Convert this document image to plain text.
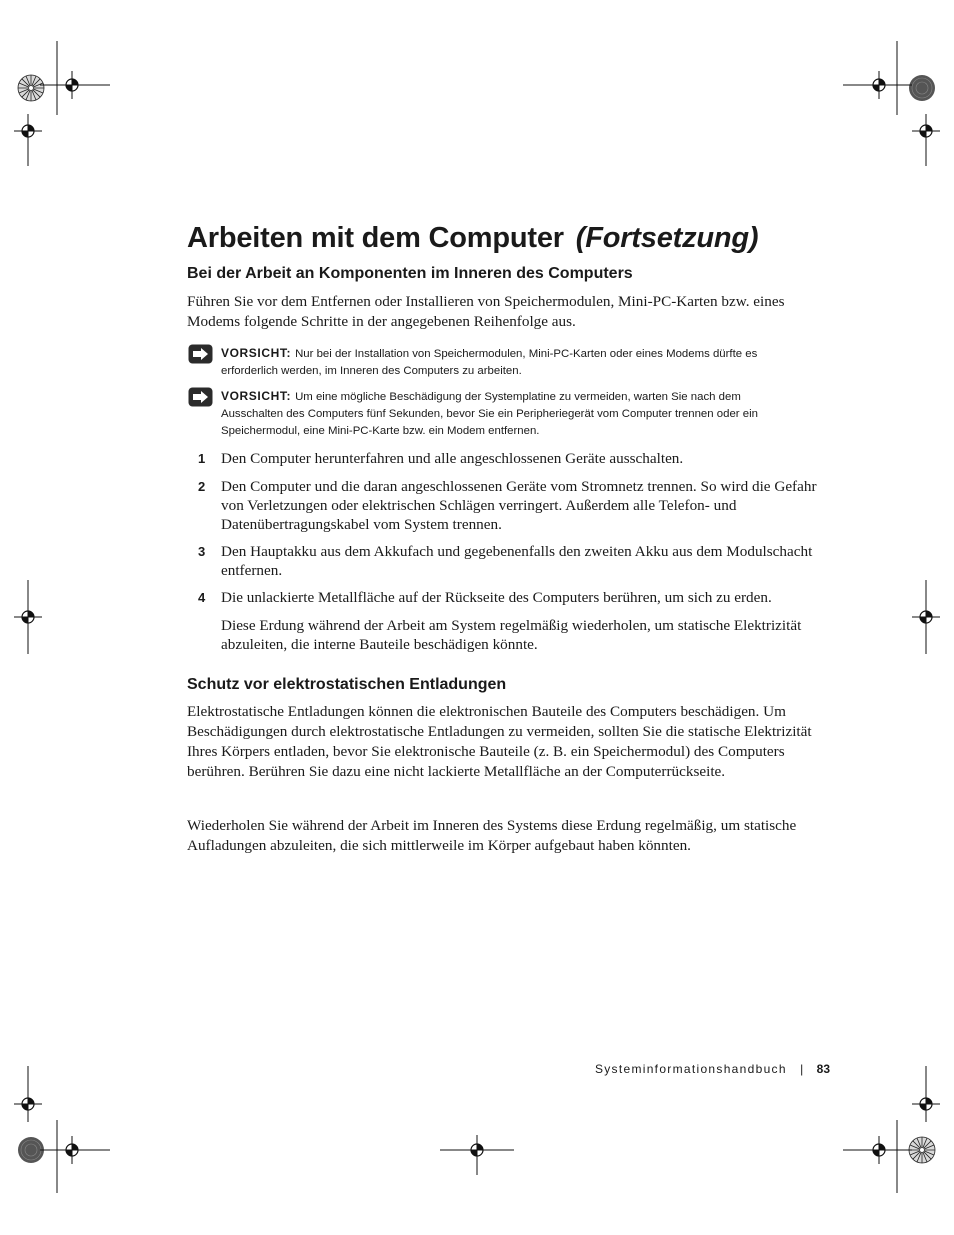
Arbeiten mit dem Computer (Fortsetzung)
Bei der Arbeit an Komponenten im Inneren des Computers

Führen Sie vor dem Entfernen oder Installieren von Speichermodulen, Mini-PC-Karten bzw. eines Modems folgende Schritte in der angegebenen Reihenfolge aus.

VORSICHT: Nur bei der Installation von Speichermodulen, Mini-PC-Karten oder eines Modems dürfte es erforderlich werden, im Inneren des Computers zu arbeiten.

VORSICHT: Um eine mögliche Beschädigung der Systemplatine zu vermeiden, warten Sie nach dem Ausschalten des Computers fünf Sekunden, bevor Sie ein Peripheriegerät vom Computer trennen oder ein Speichermodul, eine Mini-PC-Karte bzw. ein Modem entfernen.

1 Den Computer herunterfahren und alle angeschlossenen Geräte ausschalten.

2 Den Computer und die daran angeschlossenen Geräte vom Stromnetz trennen. So wird die Gefahr von Verletzungen oder elektrischen Schlägen verringert. Außerdem alle Telefon- und Datenübertragungskabel vom System trennen.

3 Den Hauptakku aus dem Akkufach und gegebenenfalls den zweiten Akku aus dem Modulschacht entfernen.

4 Die unlackierte Metallfläche auf der Rückseite des Computers berühren, um sich zu erden.

Diese Erdung während der Arbeit am System regelmäßig wiederholen, um statische Elektrizität abzuleiten, die interne Bauteile beschädigen könnte.

Schutz vor elektrostatischen Entladungen

Elektrostatische Entladungen können die elektronischen Bauteile des Computers beschädigen. Um Beschädigungen durch elektrostatische Entladungen zu vermeiden, sollten Sie die statische Elektrizität Ihres Körpers entladen, bevor Sie elektronische Bauteile (z. B. ein Speichermodul) des Computers berühren. Berühren Sie dazu eine nicht lackierte Metallfläche an der Computerrückseite.

Wiederholen Sie während der Arbeit im Inneren des Systems diese Erdung regelmäßig, um statische Aufladungen abzuleiten, die sich mittlerweile im Körper aufgebaut haben könnten.

Systeminformationshandbuch | 83
